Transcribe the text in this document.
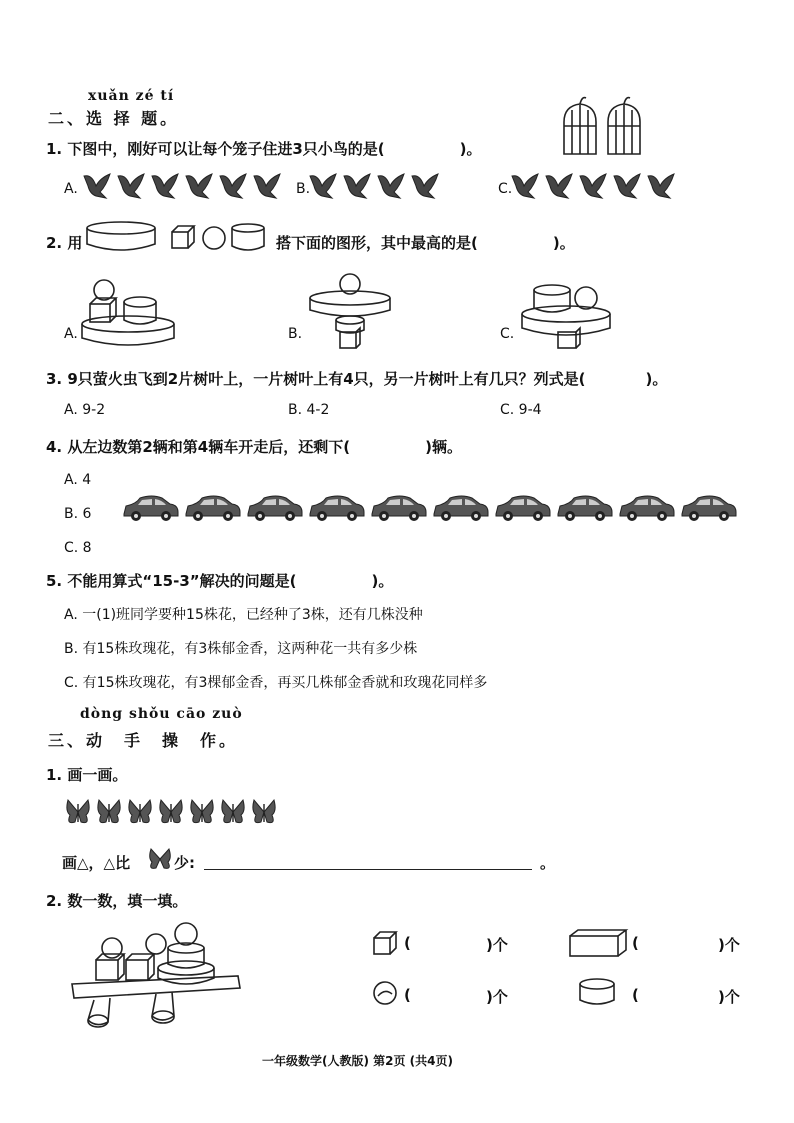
xuǎn zé tí
二、选 择 题。
1. 下图中，刚好可以让每个笼子住进3只小鸟的是(　　　　　)。
A.	B.	C.
2. 用	搭下面的图形，其中最高的是(　　　　　)。
A.	B.	C.
3. 9只萤火虫飞到2片树叶上，一片树叶上有4只，另一片树叶上有几只？列式是(　　　　)。
A. 9-2	B. 4-2	C. 9-4
4. 从左边数第2辆和第4辆车开走后，还剩下(　　　　　)辆。
A. 4
B. 6
C. 8
5. 不能用算式“15-3”解决的问题是(　　　　　)。
A. 一(1)班同学要种15株花，已经种了3株，还有几株没种
B. 有15株玫瑰花，有3株郁金香，这两种花一共有多少株
C. 有15株玫瑰花，有3棵郁金香，再买几株郁金香就和玫瑰花同样多
dòng shǒu cāo zuò
三、动　手　操　作。
1. 画一画。
画△，△比	少:	。
2. 数一数，填一填。
(	)个	(	)个
(	)个	(	)个
一年级数学(人教版) 第2页 (共4页)
